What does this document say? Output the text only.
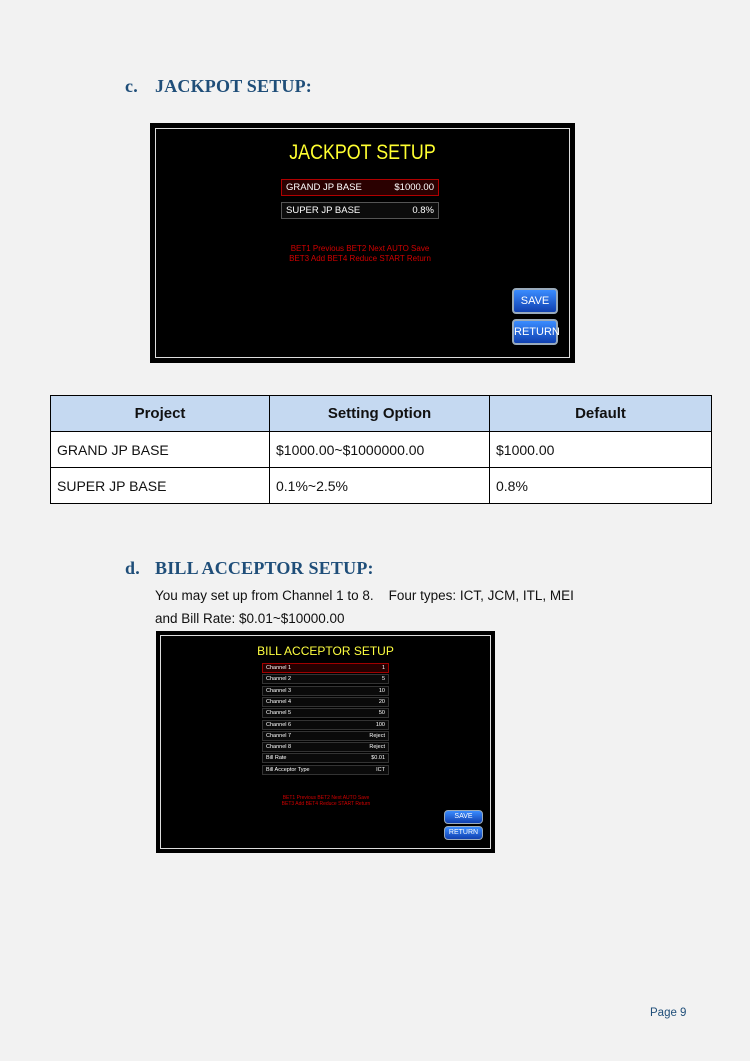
c. JACKPOT SETUP:
JACKPOT SETUP
GRAND JP BASE	$1000.00
SUPER JP BASE	0.8%
BET1 Previous BET2 Next AUTO Save
BET3 Add BET4 Reduce START Return
SAVE
RETURN
Project	Setting Option	Default
GRAND JP BASE	$1000.00~$1000000.00	$1000.00
SUPER JP BASE	0.1%~2.5%	0.8%
d. BILL ACCEPTOR SETUP:
You may set up from Channel 1 to 8.    Four types: ICT, JCM, ITL, MEI
and Bill Rate: $0.01~$10000.00
BILL ACCEPTOR SETUP
Channel 1	1
Channel 2	5
Channel 3	10
Channel 4	20
Channel 5	50
Channel 6	100
Channel 7	Reject
Channel 8	Reject
Bill Rate	$0.01
Bill Acceptor Type	ICT
BET1 Previous BET2 Next AUTO Save
BET3 Add BET4 Reduce START Return
SAVE
RETURN
Page 9
